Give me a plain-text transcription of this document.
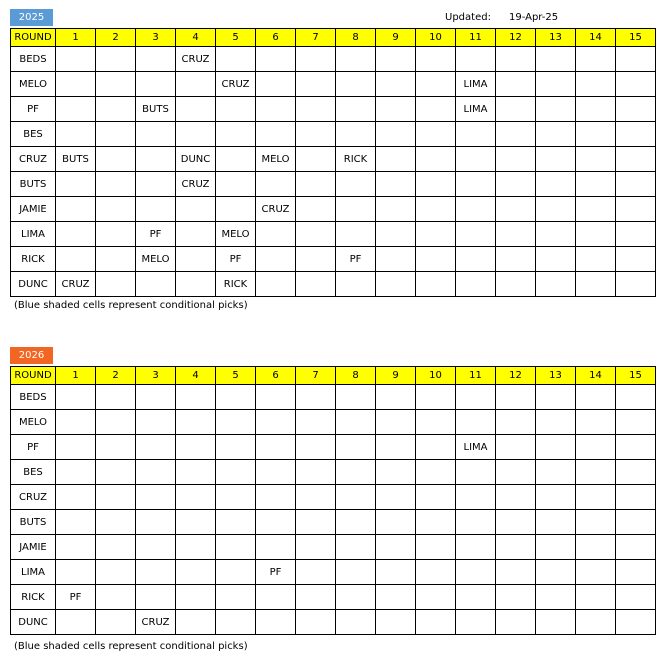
2025	Updated: 19-Apr-25
ROUND	1	2	3	4	5	6	7	8	9	10	11	12	13	14	15
BEDS				CRUZ											
MELO					CRUZ						LIMA				
PF			BUTS								LIMA				
BES															
CRUZ	BUTS			DUNC		MELO		RICK							
BUTS				CRUZ											
JAMIE						CRUZ									
LIMA			PF		MELO										
RICK			MELO		PF			PF							
DUNC	CRUZ				RICK										
(Blue shaded cells represent conditional picks)
2026
ROUND	1	2	3	4	5	6	7	8	9	10	11	12	13	14	15
BEDS															
MELO															
PF											LIMA				
BES															
CRUZ															
BUTS															
JAMIE															
LIMA						PF									
RICK	PF														
DUNC			CRUZ												
(Blue shaded cells represent conditional picks)
